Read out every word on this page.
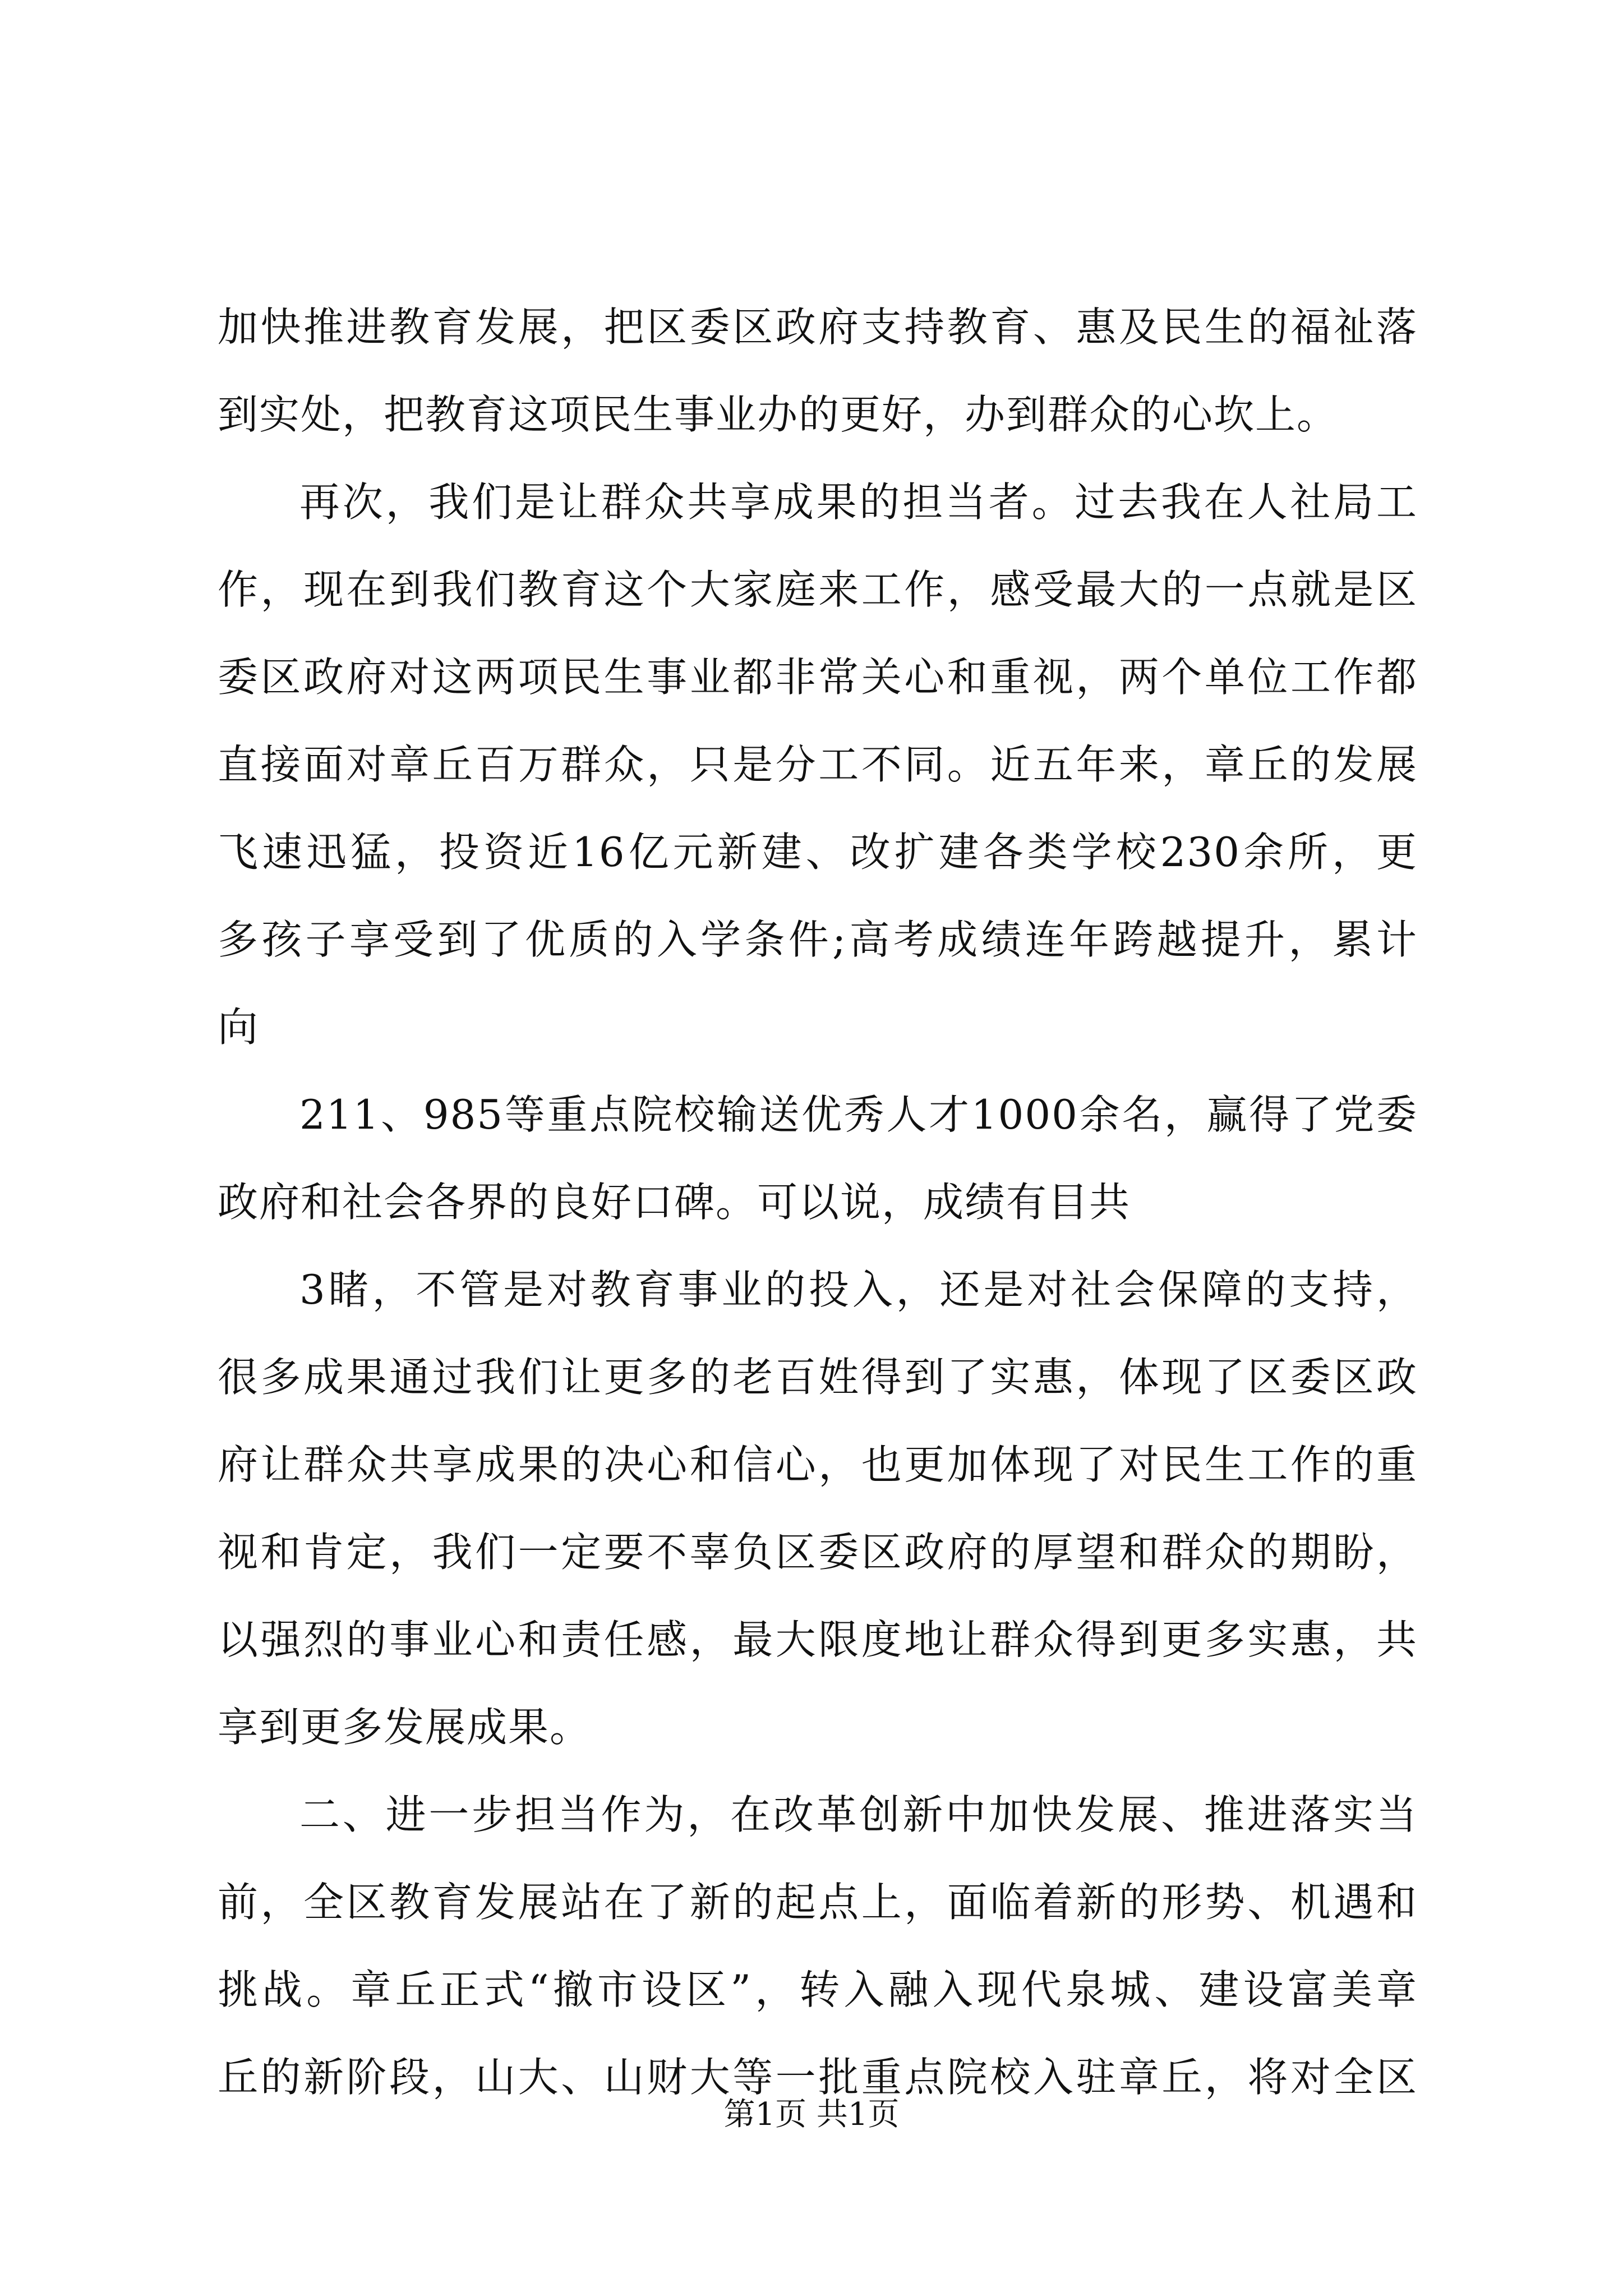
加快推进教育发展，把区委区政府支持教育、惠及民生的福祉落
到实处，把教育这项民生事业办的更好，办到群众的心坎上。
再次，我们是让群众共享成果的担当者。过去我在人社局工
作，现在到我们教育这个大家庭来工作，感受最大的一点就是区
委区政府对这两项民生事业都非常关心和重视，两个单位工作都
直接面对章丘百万群众，只是分工不同。近五年来，章丘的发展
飞速迅猛，投资近16亿元新建、改扩建各类学校230余所，更
多孩子享受到了优质的入学条件;高考成绩连年跨越提升，累计
向
211、985等重点院校输送优秀人才1000余名，赢得了党委
政府和社会各界的良好口碑。可以说，成绩有目共
3睹，不管是对教育事业的投入，还是对社会保障的支持，
很多成果通过我们让更多的老百姓得到了实惠，体现了区委区政
府让群众共享成果的决心和信心，也更加体现了对民生工作的重
视和肯定，我们一定要不辜负区委区政府的厚望和群众的期盼，
以强烈的事业心和责任感，最大限度地让群众得到更多实惠，共
享到更多发展成果。
二、进一步担当作为，在改革创新中加快发展、推进落实当
前，全区教育发展站在了新的起点上，面临着新的形势、机遇和
挑战。章丘正式“撤市设区”，转入融入现代泉城、建设富美章
丘的新阶段，山大、山财大等一批重点院校入驻章丘，将对全区
第1页 共1页
